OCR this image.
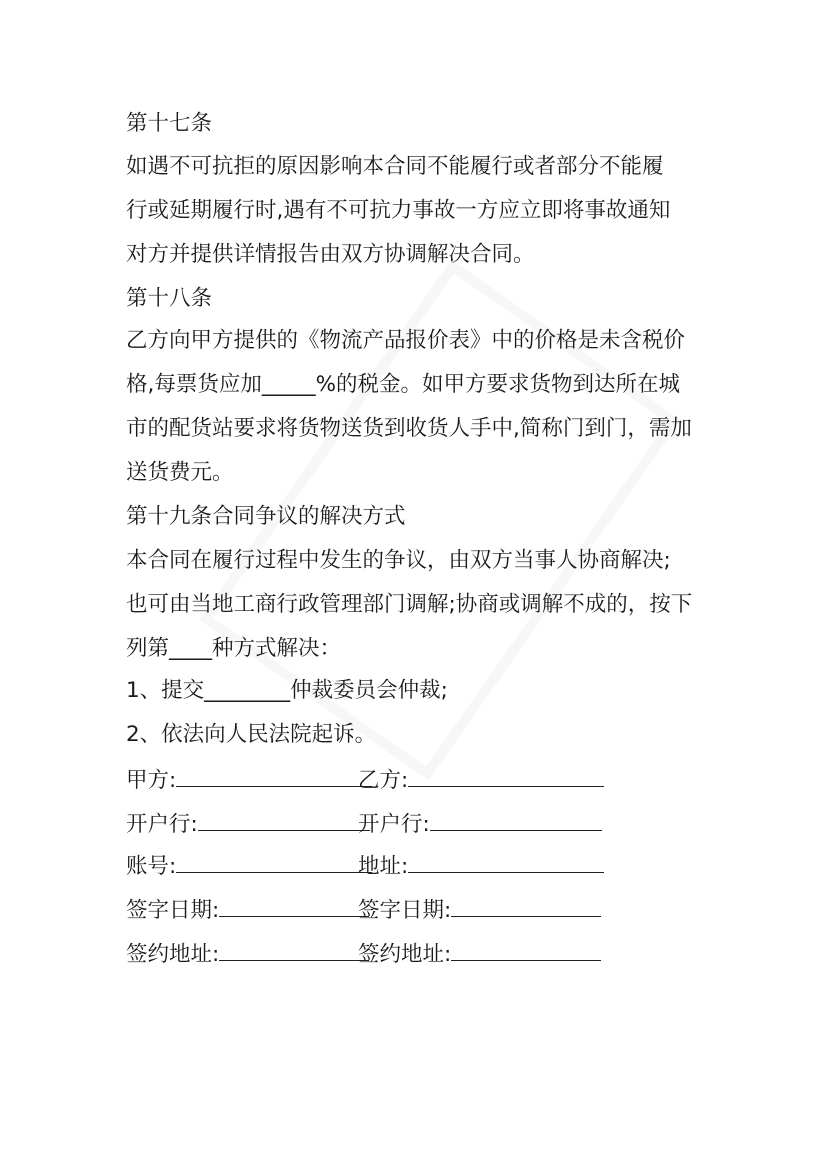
第十七条
如遇不可抗拒的原因影响本合同不能履行或者部分不能履
行或延期履行时,遇有不可抗力事故一方应立即将事故通知
对方并提供详情报告由双方协调解决合同。
第十八条
乙方向甲方提供的《物流产品报价表》中的价格是未含税价
格,每票货应加_____%的税金。如甲方要求货物到达所在城
市的配货站要求将货物送货到收货人手中,简称门到门，需加
送货费元。
第十九条合同争议的解决方式
本合同在履行过程中发生的争议，由双方当事人协商解决;
也可由当地工商行政管理部门调解;协商或调解不成的，按下
列第____种方式解决：
1、提交________仲裁委员会仲裁;
2、依法向人民法院起诉。
甲方:	乙方:
开户行:	开户行:
账号:	地址:
签字日期:	签字日期:
签约地址:	签约地址:
